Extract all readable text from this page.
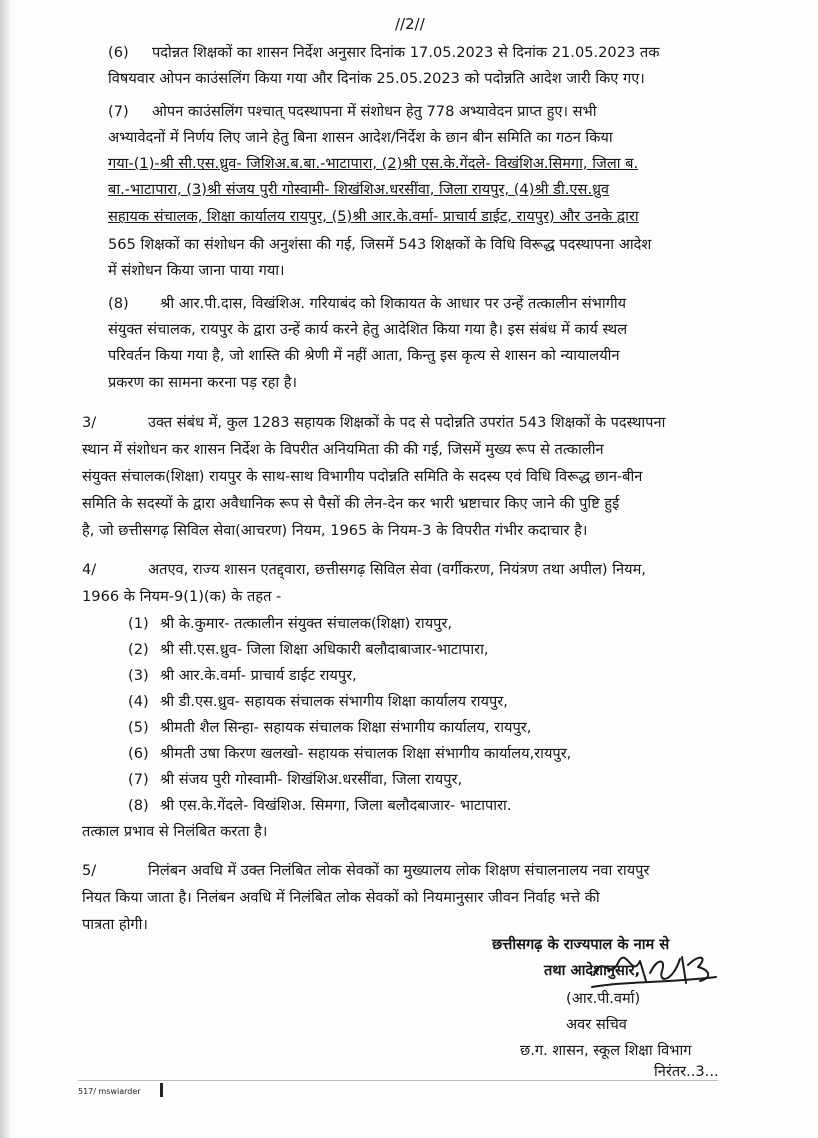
//2//
(6) पदोन्नत शिक्षकों का शासन निर्देश अनुसार दिनांक 17.05.2023 से दिनांक 21.05.2023 तक
विषयवार ओपन काउंसलिंग किया गया और दिनांक 25.05.2023 को पदोन्नति आदेश जारी किए गए।
(7) ओपन काउंसलिंग पश्चात् पदस्थापना में संशोधन हेतु 778 अभ्यावेदन प्राप्त हुए। सभी
अभ्यावेदनों में निर्णय लिए जाने हेतु बिना शासन आदेश/निर्देश के छान बीन समिति का गठन किया
गया-(1)-श्री सी.एस.ध्रुव- जिशिअ.ब.बा.-भाटापारा, (2)श्री एस.के.गेंदले- विखंशिअ.सिमगा, जिला ब.
बा.-भाटापारा, (3)श्री संजय पुरी गोस्वामी- शिखंशिअ.धरसींवा, जिला रायपुर, (4)श्री डी.एस.ध्रुव
सहायक संचालक, शिक्षा कार्यालय रायपुर, (5)श्री आर.के.वर्मा- प्राचार्य डाईट, रायपुर) और उनके द्वारा
565 शिक्षकों का संशोधन की अनुशंसा की गई, जिसमें 543 शिक्षकों के विधि विरूद्ध पदस्थापना आदेश
में संशोधन किया जाना पाया गया।
(8) श्री आर.पी.दास, विखंशिअ. गरियाबंद को शिकायत के आधार पर उन्हें तत्कालीन संभागीय
संयुक्त संचालक, रायपुर के द्वारा उन्हें कार्य करने हेतु आदेशित किया गया है। इस संबंध में कार्य स्थल
परिवर्तन किया गया है, जो शास्ति की श्रेणी में नहीं आता, किन्तु इस कृत्य से शासन को न्यायालयीन
प्रकरण का सामना करना पड़ रहा है।
3/	उक्त संबंध में, कुल 1283 सहायक शिक्षकों के पद से पदोन्नति उपरांत 543 शिक्षकों के पदस्थापना
स्थान में संशोधन कर शासन निर्देश के विपरीत अनियमिता की की गई, जिसमें मुख्य रूप से तत्कालीन
संयुक्त संचालक(शिक्षा) रायपुर के साथ-साथ विभागीय पदोन्नति समिति के सदस्य एवं विधि विरूद्ध छान-बीन
समिति के सदस्यों के द्वारा अवैधानिक रूप से पैसों की लेन-देन कर भारी भ्रष्टाचार किए जाने की पुष्टि हुई
है, जो छत्तीसगढ़ सिविल सेवा(आचरण) नियम, 1965 के नियम-3 के विपरीत गंभीर कदाचार है।
4/	अतएव, राज्य शासन एतद्द्वारा, छत्तीसगढ़ सिविल सेवा (वर्गीकरण, नियंत्रण तथा अपील) नियम,
1966 के नियम-9(1)(क) के तहत -
(1) श्री के.कुमार- तत्कालीन संयुक्त संचालक(शिक्षा) रायपुर,
(2) श्री सी.एस.ध्रुव- जिला शिक्षा अधिकारी बलौदाबाजार-भाटापारा,
(3) श्री आर.के.वर्मा- प्राचार्य डाईट रायपुर,
(4) श्री डी.एस.ध्रुव- सहायक संचालक संभागीय शिक्षा कार्यालय रायपुर,
(5) श्रीमती शैल सिन्हा- सहायक संचालक शिक्षा संभागीय कार्यालय, रायपुर,
(6) श्रीमती उषा किरण खलखो- सहायक संचालक शिक्षा संभागीय कार्यालय,रायपुर,
(7) श्री संजय पुरी गोस्वामी- शिखंशिअ.धरसींवा, जिला रायपुर,
(8) श्री एस.के.गेंदले- विखंशिअ. सिमगा, जिला बलौदबाजार- भाटापारा.
तत्काल प्रभाव से निलंबित करता है।
5/	निलंबन अवधि में उक्त निलंबित लोक सेवकों का मुख्यालय लोक शिक्षण संचालनालय नवा रायपुर
नियत किया जाता है। निलंबन अवधि में निलंबित लोक सेवकों को नियमानुसार जीवन निर्वाह भत्ते की
पात्रता होगी।
छत्तीसगढ़ के राज्यपाल के नाम से
तथा आदेशानुसार,
(आर.पी.वर्मा)
अवर सचिव
छ.ग. शासन, स्कूल शिक्षा विभाग
निरंतर..3...
517/ mswiarder
